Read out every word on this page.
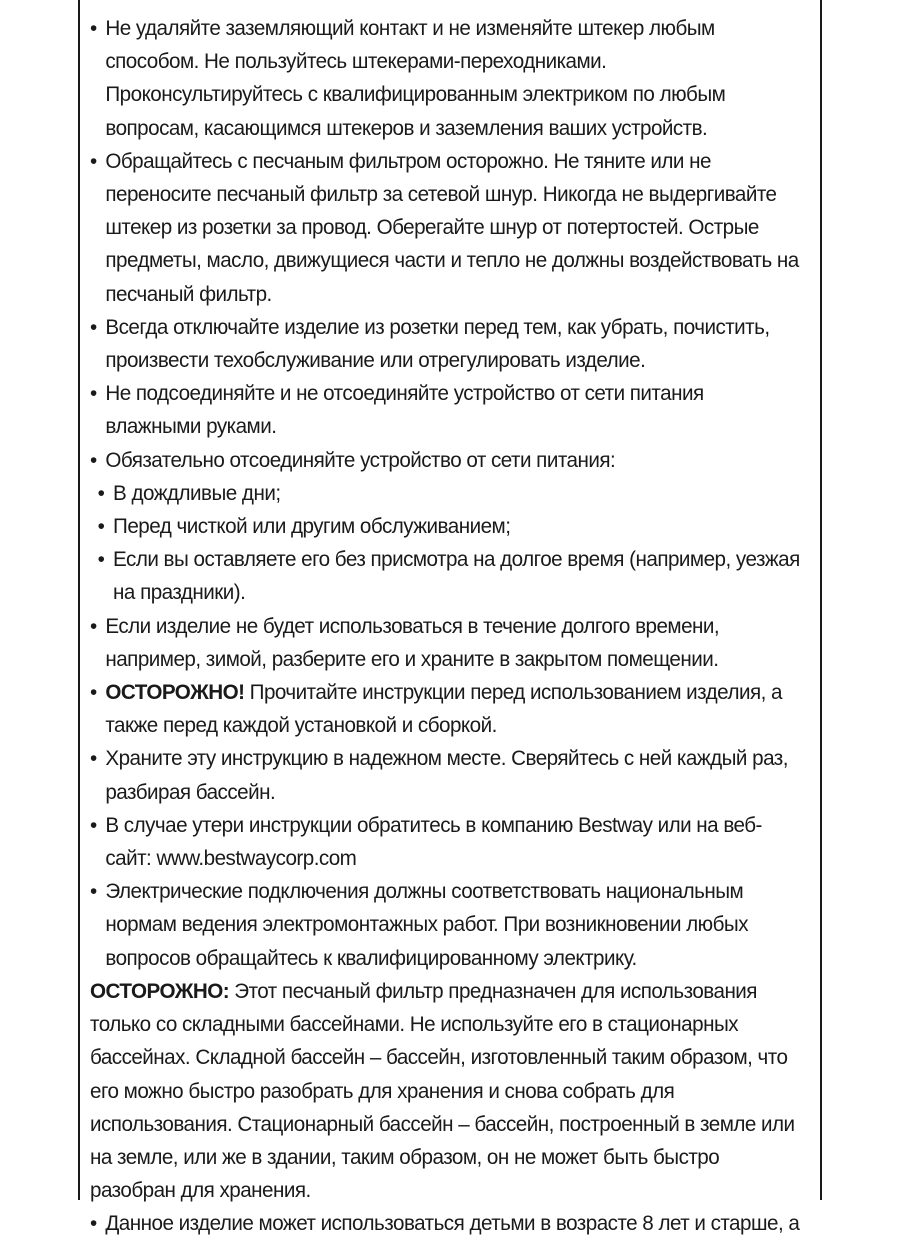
• Не удаляйте заземляющий контакт и не изменяйте штекер любым способом. Не пользуйтесь штекерами-переходниками. Проконсультируйтесь с квалифицированным электриком по любым вопросам, касающимся штекеров и заземления ваших устройств.

• Обращайтесь с песчаным фильтром осторожно. Не тяните или не переносите песчаный фильтр за сетевой шнур. Никогда не выдергивайте штекер из розетки за провод. Оберегайте шнур от потертостей. Острые предметы, масло, движущиеся части и тепло не должны воздействовать на песчаный фильтр.

• Всегда отключайте изделие из розетки перед тем, как убрать, почистить, произвести техобслуживание или отрегулировать изделие.

• Не подсоединяйте и не отсоединяйте устройство от сети питания влажными руками.

• Обязательно отсоединяйте устройство от сети питания:

• В дождливые дни;

• Перед чисткой или другим обслуживанием;

• Если вы оставляете его без присмотра на долгое время (например, уезжая на праздники).

• Если изделие не будет использоваться в течение долгого времени, например, зимой, разберите его и храните в закрытом помещении.

• ОСТОРОЖНО! Прочитайте инструкции перед использованием изделия, а также перед каждой установкой и сборкой.

• Храните эту инструкцию в надежном месте. Сверяйтесь с ней каждый раз, разбирая бассейн.

• В случае утери инструкции обратитесь в компанию Bestway или на веб-сайт: www.bestwaycorp.com

• Электрические подключения должны соответствовать национальным нормам ведения электромонтажных работ. При возникновении любых вопросов обращайтесь к квалифицированному электрику.

ОСТОРОЖНО: Этот песчаный фильтр предназначен для использования только со складными бассейнами. Не используйте его в стационарных бассейнах. Складной бассейн – бассейн, изготовленный таким образом, что его можно быстро разобрать для хранения и снова собрать для использования. Стационарный бассейн – бассейн, построенный в земле или на земле, или же в здании, таким образом, он не может быть быстро разобран для хранения.

• Данное изделие может использоваться детьми в возрасте 8 лет и старше, а
